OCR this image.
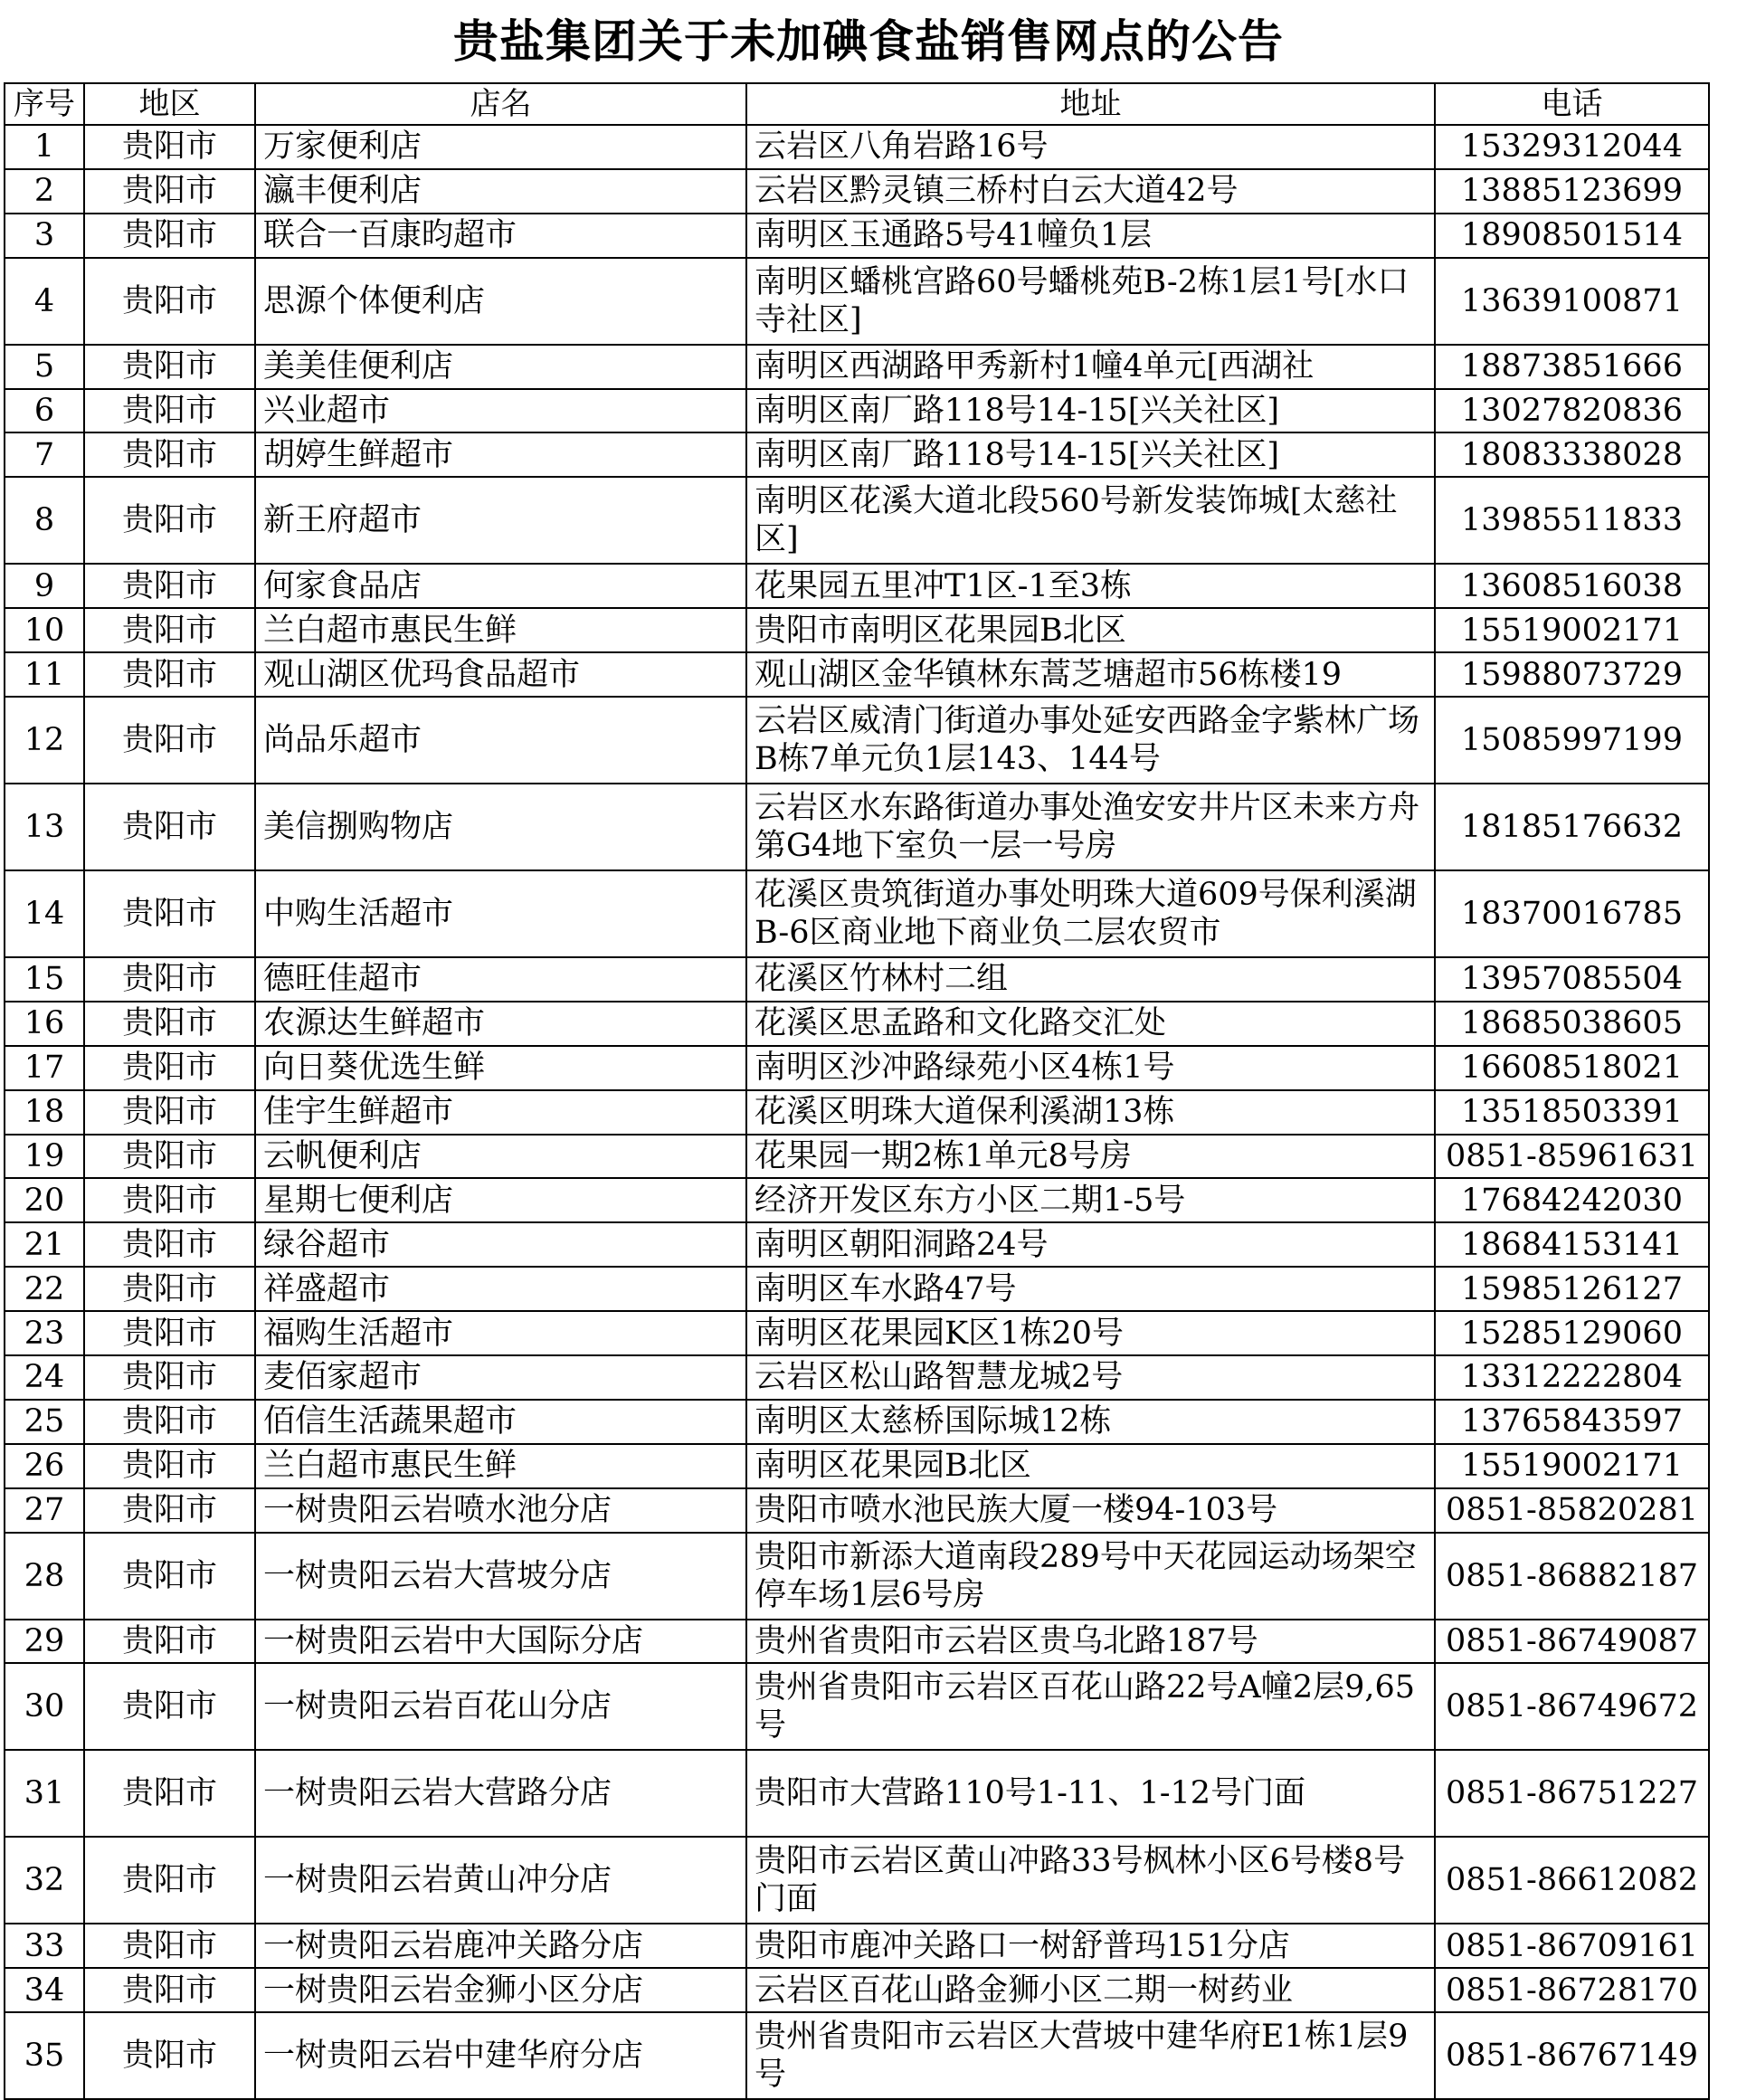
贵盐集团关于未加碘食盐销售网点的公告
序号	地区	店名	地址	电话
1	贵阳市	万家便利店	云岩区八角岩路16号	15329312044
2	贵阳市	瀛丰便利店	云岩区黔灵镇三桥村白云大道42号	13885123699
3	贵阳市	联合一百康昀超市	南明区玉通路5号41幢负1层	18908501514
4	贵阳市	思源个体便利店	南明区蟠桃宫路60号蟠桃苑B-2栋1层1号[水口寺社区]	13639100871
5	贵阳市	美美佳便利店	南明区西湖路甲秀新村1幢4单元[西湖社	18873851666
6	贵阳市	兴业超市	南明区南厂路118号14-15[兴关社区]	13027820836
7	贵阳市	胡婷生鲜超市	南明区南厂路118号14-15[兴关社区]	18083338028
8	贵阳市	新王府超市	南明区花溪大道北段560号新发装饰城[太慈社区]	13985511833
9	贵阳市	何家食品店	花果园五里冲T1区-1至3栋	13608516038
10	贵阳市	兰白超市惠民生鲜	贵阳市南明区花果园B北区	15519002171
11	贵阳市	观山湖区优玛食品超市	观山湖区金华镇林东蒿芝塘超市56栋楼19	15988073729
12	贵阳市	尚品乐超市	云岩区威清门街道办事处延安西路金字紫林广场B栋7单元负1层143、144号	15085997199
13	贵阳市	美信捌购物店	云岩区水东路街道办事处渔安安井片区未来方舟第G4地下室负一层一号房	18185176632
14	贵阳市	中购生活超市	花溪区贵筑街道办事处明珠大道609号保利溪湖B-6区商业地下商业负二层农贸市	18370016785
15	贵阳市	德旺佳超市	花溪区竹林村二组	13957085504
16	贵阳市	农源达生鲜超市	花溪区思孟路和文化路交汇处	18685038605
17	贵阳市	向日葵优选生鲜	南明区沙冲路绿苑小区4栋1号	16608518021
18	贵阳市	佳宇生鲜超市	花溪区明珠大道保利溪湖13栋	13518503391
19	贵阳市	云帆便利店	花果园一期2栋1单元8号房	0851-85961631
20	贵阳市	星期七便利店	经济开发区东方小区二期1-5号	17684242030
21	贵阳市	绿谷超市	南明区朝阳洞路24号	18684153141
22	贵阳市	祥盛超市	南明区车水路47号	15985126127
23	贵阳市	福购生活超市	南明区花果园K区1栋20号	15285129060
24	贵阳市	麦佰家超市	云岩区松山路智慧龙城2号	13312222804
25	贵阳市	佰信生活蔬果超市	南明区太慈桥国际城12栋	13765843597
26	贵阳市	兰白超市惠民生鲜	南明区花果园B北区	15519002171
27	贵阳市	一树贵阳云岩喷水池分店	贵阳市喷水池民族大厦一楼94-103号	0851-85820281
28	贵阳市	一树贵阳云岩大营坡分店	贵阳市新添大道南段289号中天花园运动场架空停车场1层6号房	0851-86882187
29	贵阳市	一树贵阳云岩中大国际分店	贵州省贵阳市云岩区贵乌北路187号	0851-86749087
30	贵阳市	一树贵阳云岩百花山分店	贵州省贵阳市云岩区百花山路22号A幢2层9,65号	0851-86749672
31	贵阳市	一树贵阳云岩大营路分店	贵阳市大营路110号1-11、1-12号门面	0851-86751227
32	贵阳市	一树贵阳云岩黄山冲分店	贵阳市云岩区黄山冲路33号枫林小区6号楼8号门面	0851-86612082
33	贵阳市	一树贵阳云岩鹿冲关路分店	贵阳市鹿冲关路口一树舒普玛151分店	0851-86709161
34	贵阳市	一树贵阳云岩金狮小区分店	云岩区百花山路金狮小区二期一树药业	0851-86728170
35	贵阳市	一树贵阳云岩中建华府分店	贵州省贵阳市云岩区大营坡中建华府E1栋1层9号	0851-86767149
